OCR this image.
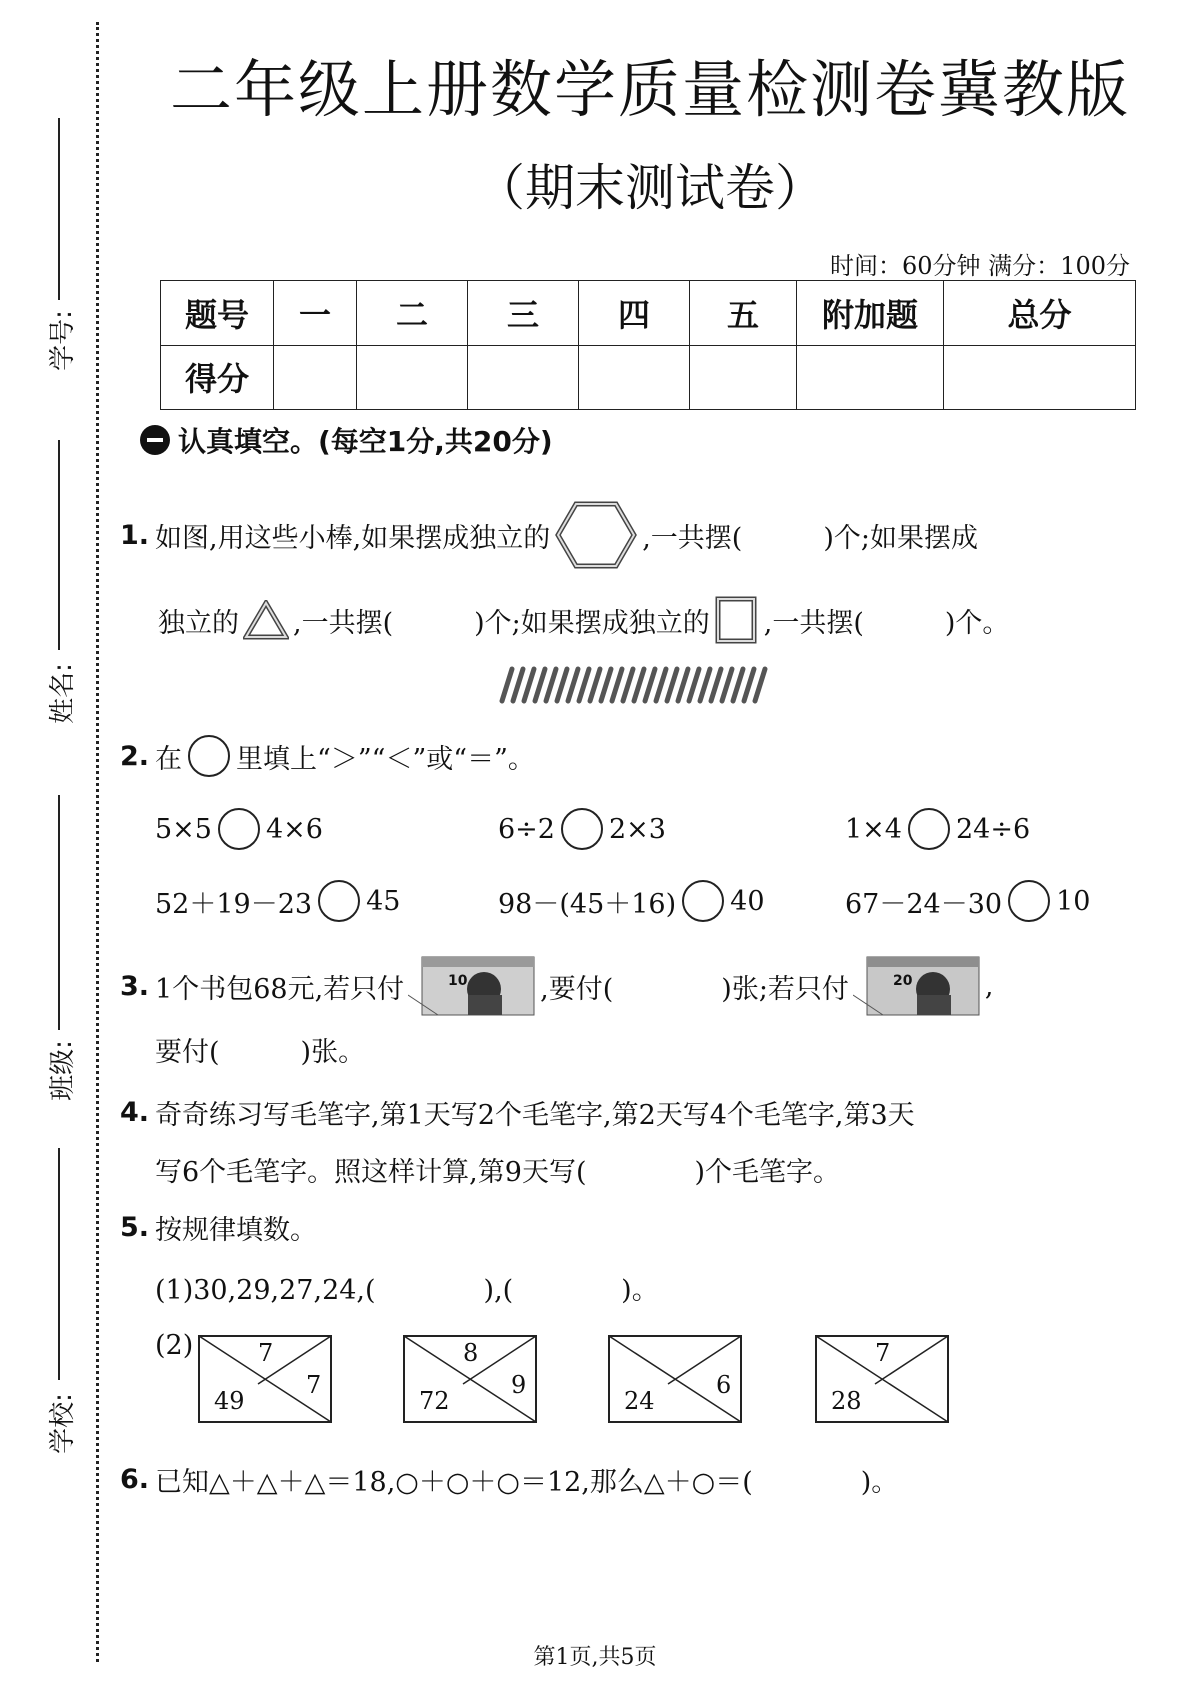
学号:
姓名:
班级:
学校:
二年级上册数学质量检测卷冀教版
（期末测试卷）
时间：60分钟 满分：100分
题号	一	二	三	四	五	附加题	总分
得分							
认真填空。(每空1分,共20分)
1. 如图,用这些小棒,如果摆成独立的	,一共摆(　　　)个;如果摆成
独立的 ,一共摆(　　　)个;如果摆成独立的 ,一共摆(　　　)个。
2. 在 里填上“＞”“＜”或“＝”。
5×5 4×6	6÷2 2×3	1×4 24÷6
52＋19－23 45	98－(45＋16) 40	67－24－30 10
3. 1个书包68元,若只付	10	,要付(　　　　)张;若只付	20	,
要付(　　　)张。
4. 奇奇练习写毛笔字,第1天写2个毛笔字,第2天写4个毛笔字,第3天
写6个毛笔字。照这样计算,第9天写(　　　　)个毛笔字。
5. 按规律填数。
(1)30,29,27,24,(　　　　),(　　　　)。
(2)	7
7
49
8
9
72
6
24
7
28
6. 已知△＋△＋△＝18,○＋○＋○＝12,那么△＋○＝(　　　　)。
第1页,共5页
